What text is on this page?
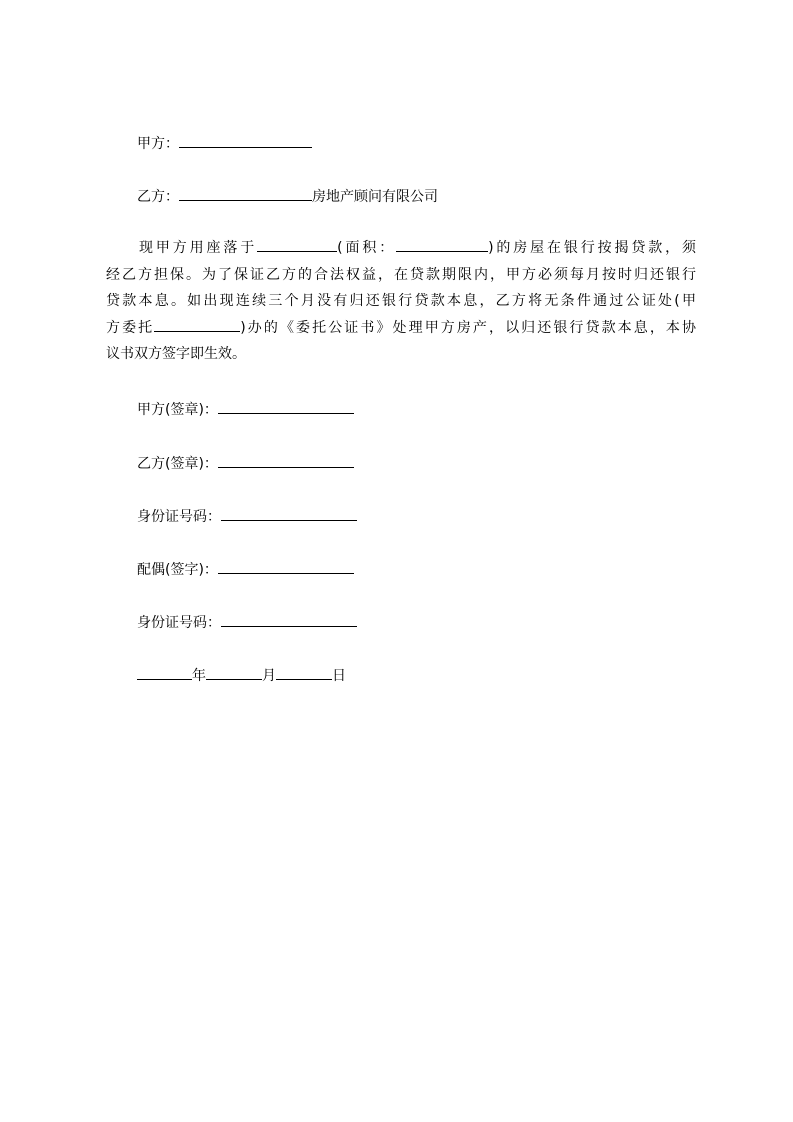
甲方：
乙方：	房地产顾问有限公司
现甲方用座落于	(面积：	)的房屋在银行按揭贷款，须
经乙方担保。为了保证乙方的合法权益，在贷款期限内，甲方必须每月按时归还银行
贷款本息。如出现连续三个月没有归还银行贷款本息，乙方将无条件通过公证处(甲
方委托	)办的《委托公证书》处理甲方房产，以归还银行贷款本息，本协
议书双方签字即生效。
甲方(签章)：
乙方(签章)：
身份证号码：
配偶(签字)：
身份证号码：
年	月	日
